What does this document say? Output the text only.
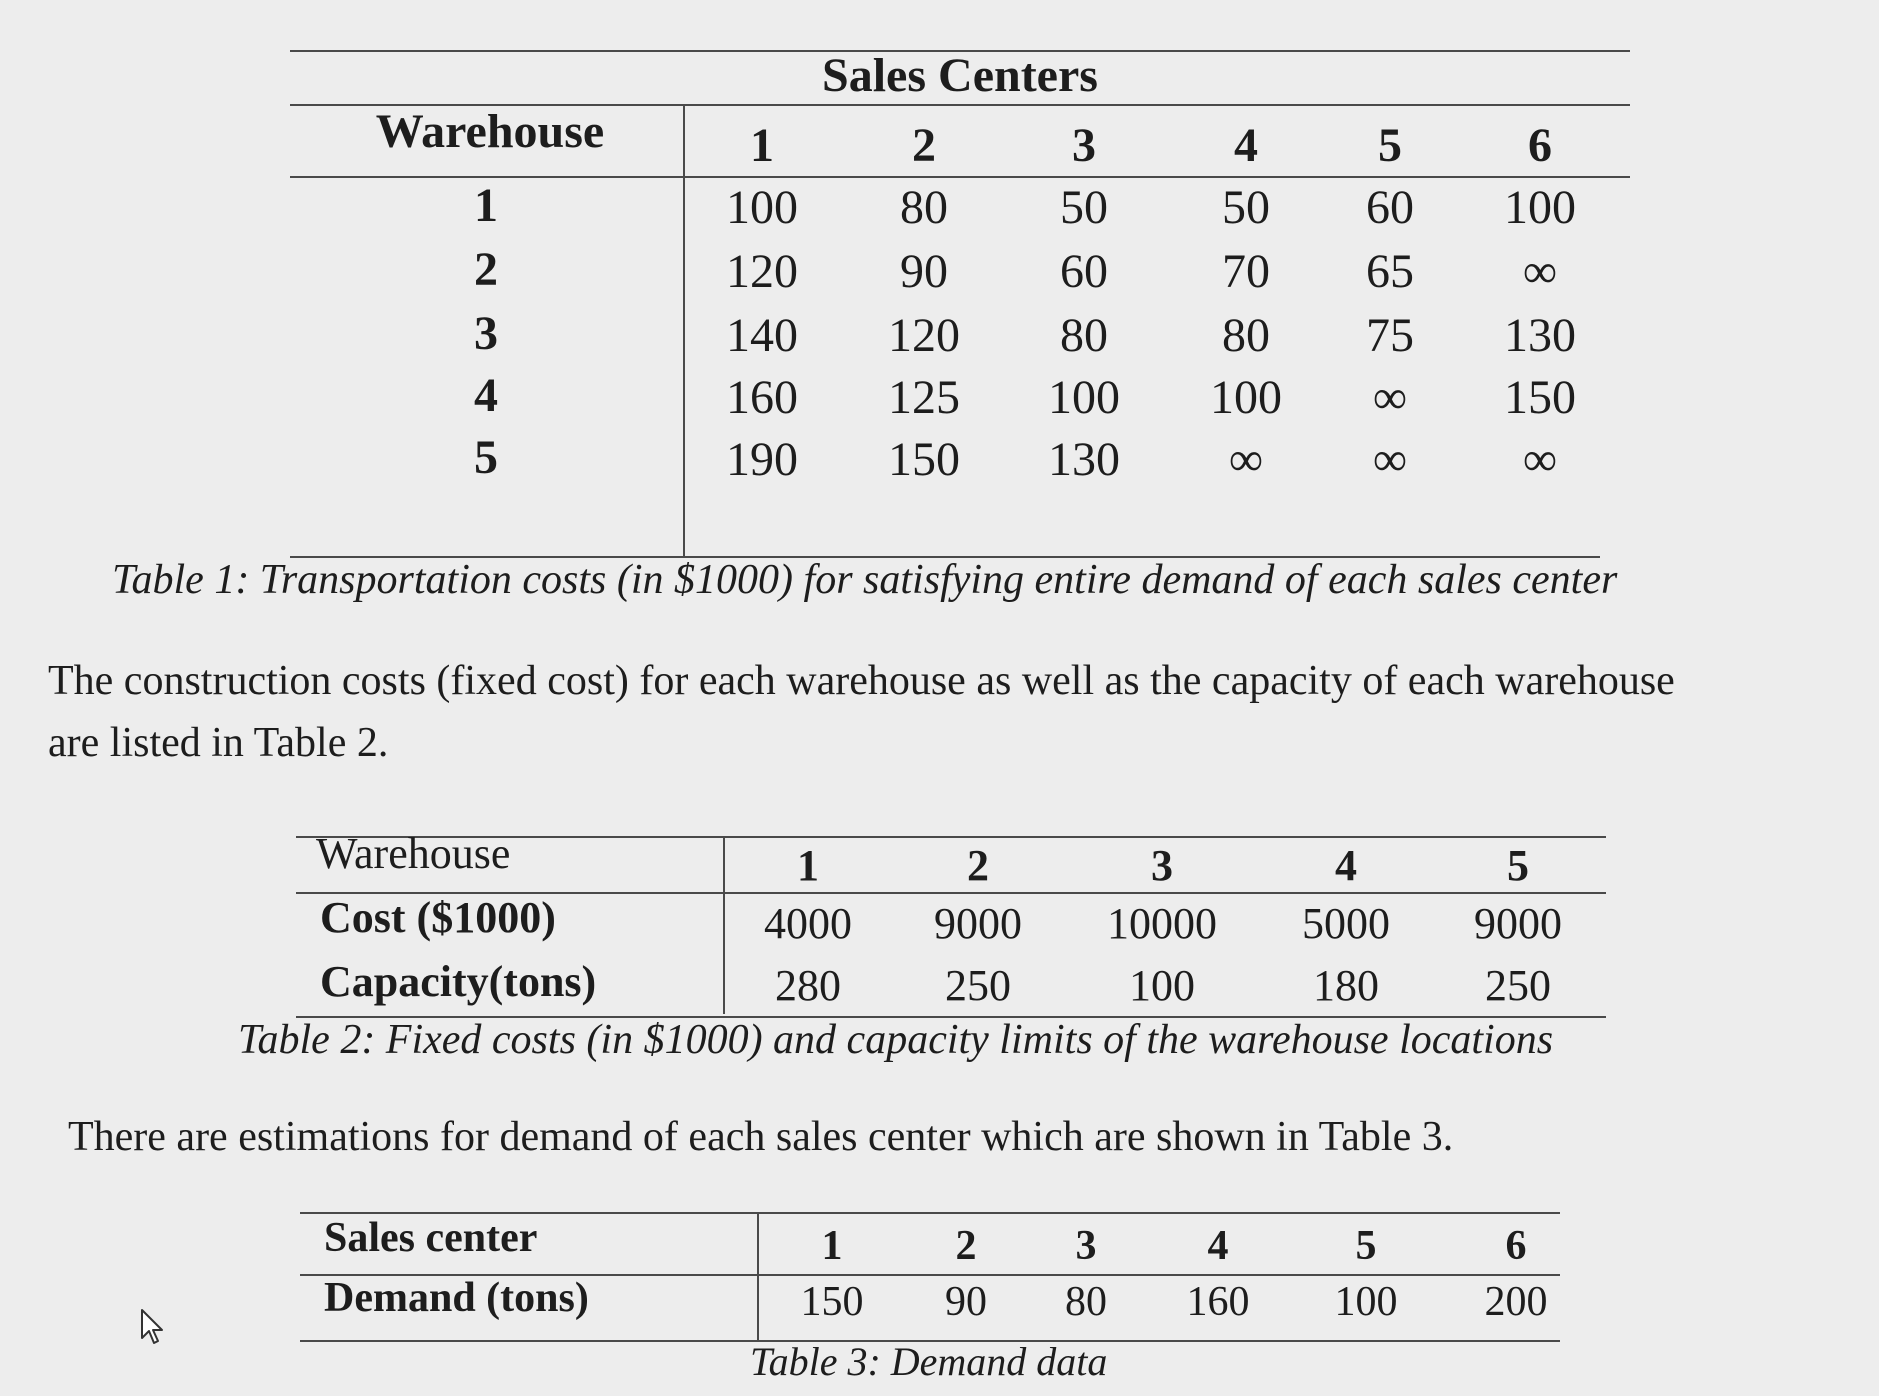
Sales Centers
Warehouse	1	2	3	4	5	6
1	100	80	50	50	60	100
2	120	90	60	70	65	∞
3	140	120	80	80	75	130
4	160	125	100	100	∞	150
5	190	150	130	∞	∞	∞
Table 1: Transportation costs (in $1000) for satisfying entire demand of each sales center
The construction costs (fixed cost) for each warehouse as well as the capacity of each warehouse
are listed in Table 2.
Warehouse	1	2	3	4	5
Cost ($1000)	4000	9000	10000	5000	9000
Capacity(tons)	280	250	100	180	250
Table 2: Fixed costs (in $1000) and capacity limits of the warehouse locations
There are estimations for demand of each sales center which are shown in Table 3.
Sales center	1	2	3	4	5	6
Demand (tons)	150	90	80	160	100	200
Table 3: Demand data
